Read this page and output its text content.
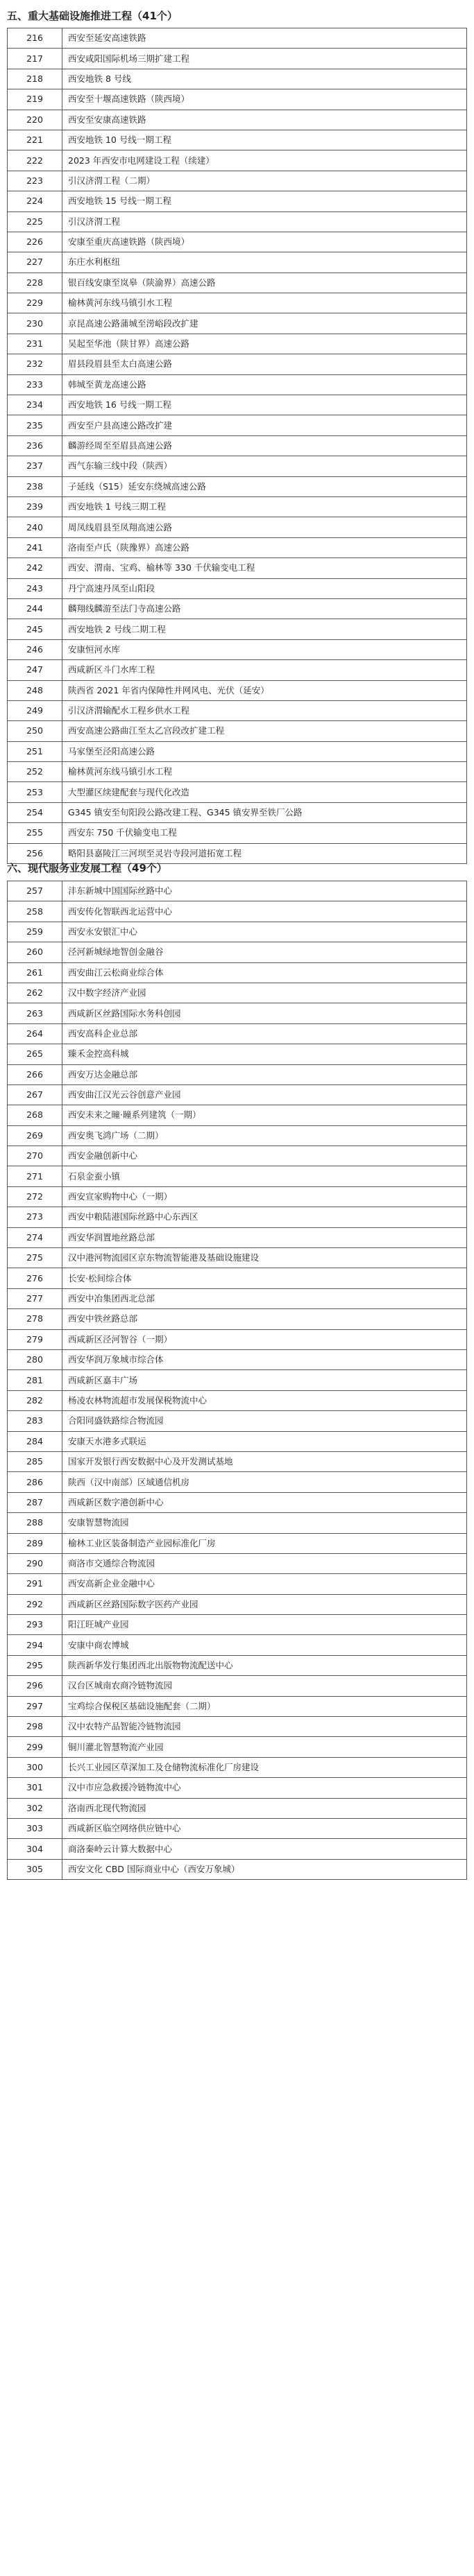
五、重大基础设施推进工程（41个）
216	西安至延安高速铁路
217	西安咸阳国际机场三期扩建工程
218	西安地铁 8 号线
219	西安至十堰高速铁路（陕西境）
220	西安至安康高速铁路
221	西安地铁 10 号线一期工程
222	2023 年西安市电网建设工程（续建）
223	引汉济渭工程（二期）
224	西安地铁 15 号线一期工程
225	引汉济渭工程
226	安康至重庆高速铁路（陕西境）
227	东庄水利枢纽
228	银百线安康至岚皋（陕渝界）高速公路
229	榆林黄河东线马镇引水工程
230	京昆高速公路蒲城至涝峪段改扩建
231	吴起至华池（陕甘界）高速公路
232	眉县段眉县至太白高速公路
233	韩城至黄龙高速公路
234	西安地铁 16 号线一期工程
235	西安至户县高速公路改扩建
236	麟游经周至至眉县高速公路
237	西气东输三线中段（陕西）
238	子延线（S15）延安东绕城高速公路
239	西安地铁 1 号线三期工程
240	周凤线眉县至凤翔高速公路
241	洛南至卢氏（陕豫界）高速公路
242	西安、渭南、宝鸡、榆林等 330 千伏输变电工程
243	丹宁高速丹凤至山阳段
244	麟翔线麟游至法门寺高速公路
245	西安地铁 2 号线二期工程
246	安康恒河水库
247	西咸新区斗门水库工程
248	陕西省 2021 年省内保障性并网风电、光伏（延安）
249	引汉济渭输配水工程乡供水工程
250	西安高速公路曲江至太乙宫段改扩建工程
251	马家堡至泾阳高速公路
252	榆林黄河东线马镇引水工程
253	大型灌区续建配套与现代化改造
254	G345 镇安至旬阳段公路改建工程、G345 镇安界至铁厂公路
255	西安东 750 千伏输变电工程
256	略阳县嘉陵江三河坝至灵岩寺段河道拓宽工程
六、现代服务业发展工程（49个）
257	沣东新城中国国际丝路中心
258	西安传化智联西北运营中心
259	西安永安银汇中心
260	泾河新城绿地智创金融谷
261	西安曲江云松商业综合体
262	汉中数字经济产业园
263	西咸新区丝路国际水务科创园
264	西安高科企业总部
265	臻禾金控高科城
266	西安万达金融总部
267	西安曲江汉光云谷创意产业园
268	西安未来之瞳·瞳系列建筑（一期）
269	西安奥飞鸿广场（二期）
270	西安金融创新中心
271	石泉金蚕小镇
272	西安宣家购物中心（一期）
273	西安中粮陆港国际丝路中心东西区
274	西安华润置地丝路总部
275	汉中港河物流园区京东物流智能港及基础设施建设
276	长安·松间综合体
277	西安中冶集团西北总部
278	西安中铁丝路总部
279	西咸新区泾河智谷（一期）
280	西安华润万象城市综合体
281	西咸新区嘉丰广场
282	杨凌农林物流超市发展保税物流中心
283	合阳同盛铁路综合物流园
284	安康天水港多式联运
285	国家开发银行西安数据中心及开发测试基地
286	陕西（汉中南部）区域通信机房
287	西咸新区数字港创新中心
288	安康智慧物流园
289	榆林工业区装备制造产业园标准化厂房
290	商洛市交通综合物流园
291	西安高新企业金融中心
292	西咸新区丝路国际数字医药产业园
293	阳江旺城产业园
294	安康中商农博城
295	陕西新华发行集团西北出版物物流配送中心
296	汉台区城南农商冷链物流园
297	宝鸡综合保税区基础设施配套（二期）
298	汉中农特产品智能冷链物流园
299	铜川灌北智慧物流产业园
300	长兴工业园区草深加工及仓储物流标准化厂房建设
301	汉中市应急救援冷链物流中心
302	洛南西北现代物流园
303	西咸新区临空网络供应链中心
304	商洛秦岭云计算大数据中心
305	西安文化 CBD 国际商业中心（西安万象城）
